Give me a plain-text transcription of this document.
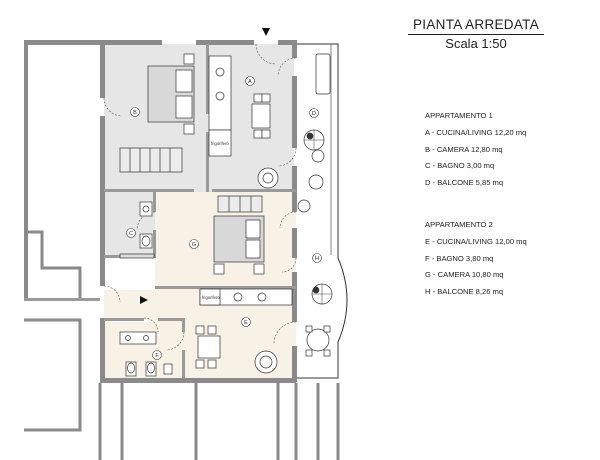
frigorifero
frigorifero
A
B
C
D
E
F
G
H
PIANTA ARREDATA
Scala 1:50
APPARTAMENTO 1
A - CUCINA/LIVING 12,20 mq
B - CAMERA 12,80 mq
C - BAGNO 3,00 mq
D - BALCONE 5,85 mq
APPARTAMENTO 2
E - CUCINA/LIVING 12,00 mq
F - BAGNO 3,80 mq
G - CAMERA 10,80 mq
H - BALCONE 8,26 mq
